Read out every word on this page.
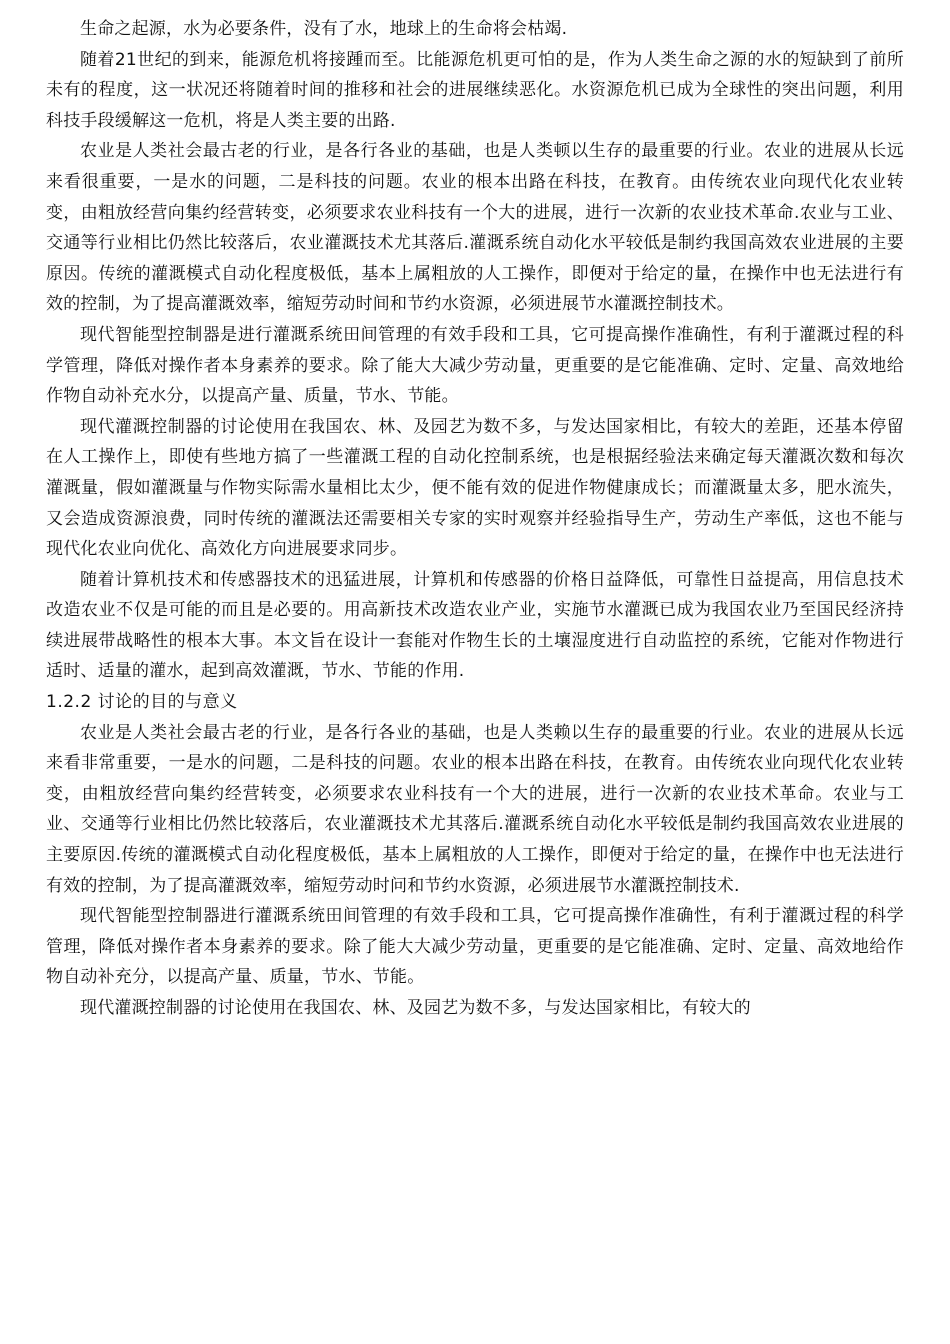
生命之起源，水为必要条件，没有了水，地球上的生命将会枯竭.

随着21世纪的到来，能源危机将接踵而至。比能源危机更可怕的是，作为人类生命之源的水的短缺到了前所未有的程度，这一状况还将随着时间的推移和社会的进展继续恶化。水资源危机已成为全球性的突出问题，利用科技手段缓解这一危机，将是人类主要的出路.

农业是人类社会最古老的行业，是各行各业的基础，也是人类顿以生存的最重要的行业。农业的进展从长远来看很重要，一是水的问题，二是科技的问题。农业的根本出路在科技，在教育。由传统农业向现代化农业转变，由粗放经营向集约经营转变，必须要求农业科技有一个大的进展，进行一次新的农业技术革命.农业与工业、交通等行业相比仍然比较落后，农业灌溉技术尤其落后.灌溉系统自动化水平较低是制约我国高效农业进展的主要原因。传统的灌溉模式自动化程度极低，基本上属粗放的人工操作，即便对于给定的量，在操作中也无法进行有效的控制，为了提高灌溉效率，缩短劳动时间和节约水资源，必须进展节水灌溉控制技术。

现代智能型控制器是进行灌溉系统田间管理的有效手段和工具，它可提高操作准确性，有利于灌溉过程的科学管理，降低对操作者本身素养的要求。除了能大大减少劳动量，更重要的是它能准确、定时、定量、高效地给作物自动补充水分，以提高产量、质量，节水、节能。

现代灌溉控制器的讨论使用在我国农、林、及园艺为数不多，与发达国家相比，有较大的差距，还基本停留在人工操作上，即使有些地方搞了一些灌溉工程的自动化控制系统，也是根据经验法来确定每天灌溉次数和每次灌溉量，假如灌溉量与作物实际需水量相比太少，便不能有效的促进作物健康成长；而灌溉量太多，肥水流失，又会造成资源浪费，同时传统的灌溉法还需要相关专家的实时观察并经验指导生产，劳动生产率低，这也不能与现代化农业向优化、高效化方向进展要求同步。

随着计算机技术和传感器技术的迅猛进展，计算机和传感器的价格日益降低，可靠性日益提高，用信息技术改造农业不仅是可能的而且是必要的。用高新技术改造农业产业，实施节水灌溉已成为我国农业乃至国民经济持续进展带战略性的根本大事。本文旨在设计一套能对作物生长的土壤湿度进行自动监控的系统，它能对作物进行适时、适量的灌水，起到高效灌溉，节水、节能的作用.

1.2.2 讨论的目的与意义

农业是人类社会最古老的行业，是各行各业的基础，也是人类赖以生存的最重要的行业。农业的进展从长远来看非常重要，一是水的问题，二是科技的问题。农业的根本出路在科技，在教育。由传统农业向现代化农业转变，由粗放经营向集约经营转变，必须要求农业科技有一个大的进展，进行一次新的农业技术革命。农业与工业、交通等行业相比仍然比较落后，农业灌溉技术尤其落后.灌溉系统自动化水平较低是制约我国高效农业进展的主要原因.传统的灌溉模式自动化程度极低，基本上属粗放的人工操作，即便对于给定的量，在操作中也无法进行有效的控制，为了提高灌溉效率，缩短劳动时问和节约水资源，必须进展节水灌溉控制技术.

现代智能型控制器进行灌溉系统田间管理的有效手段和工具，它可提高操作准确性，有利于灌溉过程的科学管理，降低对操作者本身素养的要求。除了能大大减少劳动量，更重要的是它能准确、定时、定量、高效地给作物自动补充分，以提高产量、质量，节水、节能。

现代灌溉控制器的讨论使用在我国农、林、及园艺为数不多，与发达国家相比，有较大的
